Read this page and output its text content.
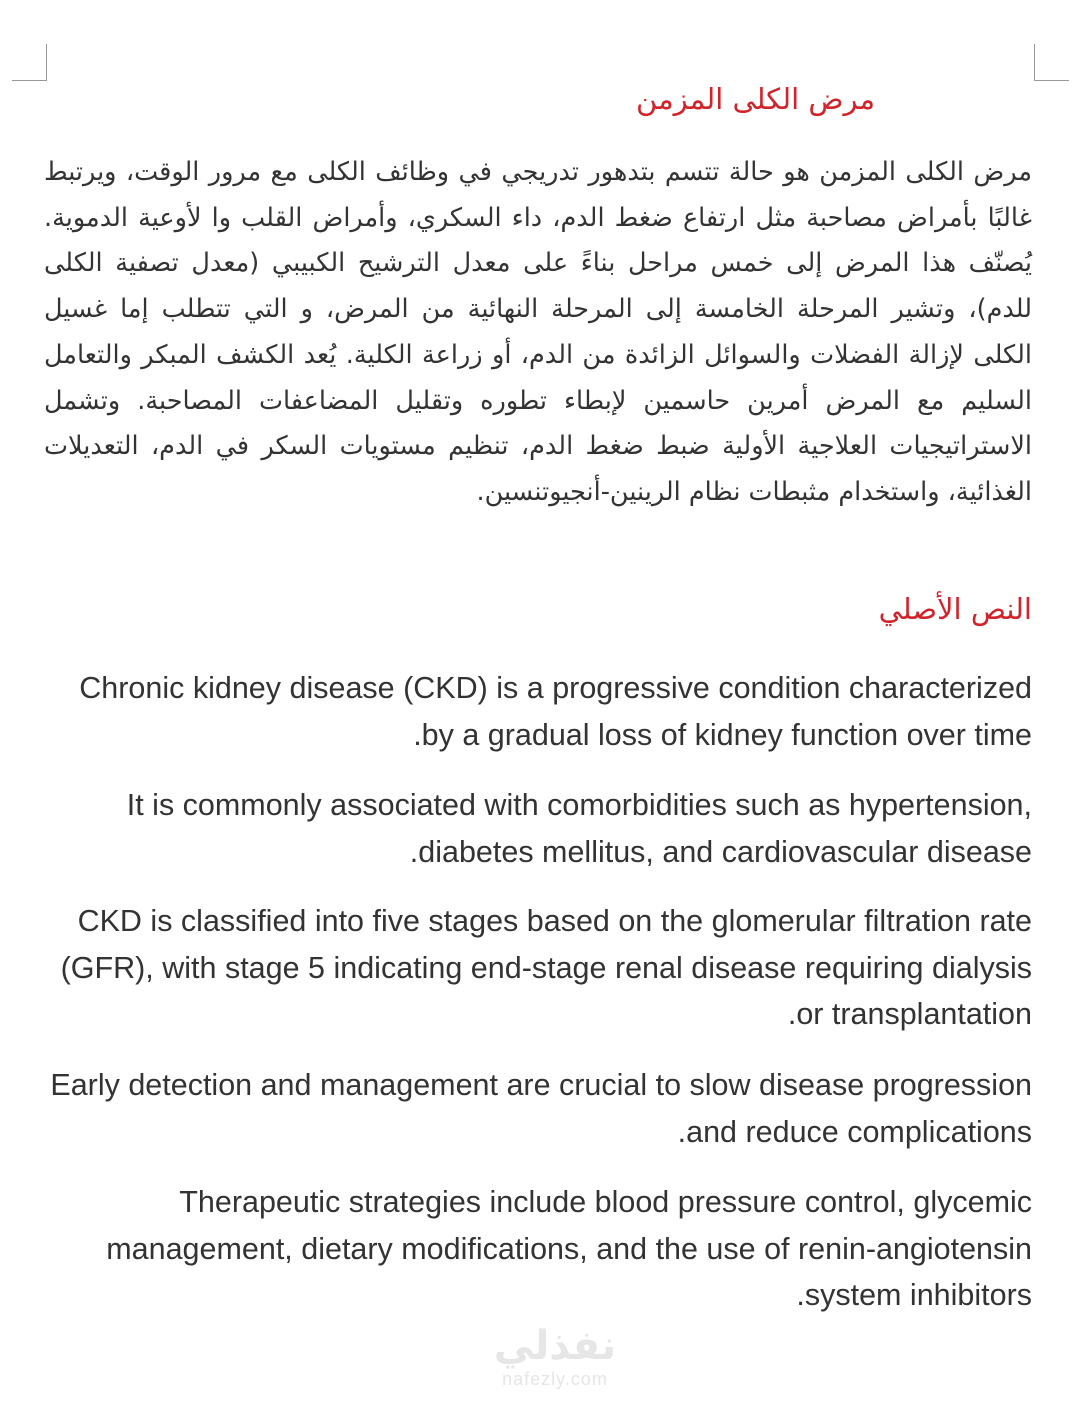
مرض الكلى المزمن

مرض الكلى المزمن هو حالة تتسم بتدهور تدريجي في وظائف الكلى مع مرور الوقت، ويرتبط غالبًا بأمراض مصاحبة مثل ارتفاع ضغط الدم، داء السكري، وأمراض القلب وا لأوعية الدموية. يُصنّف هذا المرض إلى خمس مراحل بناءً على معدل الترشيح الكبيبي (معدل تصفية الكلى للدم)، وتشير المرحلة الخامسة إلى المرحلة النهائية من المرض، و التي تتطلب إما غسيل الكلى لإزالة الفضلات والسوائل الزائدة من الدم، أو زراعة الكلية. يُعد الكشف المبكر والتعامل السليم مع المرض أمرين حاسمين لإبطاء تطوره وتقليل المضاعفات المصاحبة. وتشمل الاستراتيجيات العلاجية الأولية ضبط ضغط الدم، تنظيم مستويات السكر في الدم، التعديلات الغذائية، واستخدام مثبطات نظام الرينين-أنجيوتنسين.

النص الأصلي

Chronic kidney disease (CKD) is a progressive condition characterized by a gradual loss of kidney function over time.

It is commonly associated with comorbidities such as hypertension, diabetes mellitus, and cardiovascular disease.

CKD is classified into five stages based on the glomerular filtration rate (GFR), with stage 5 indicating end-stage renal disease requiring dialysis or transplantation.

Early detection and management are crucial to slow disease progression and reduce complications.

Therapeutic strategies include blood pressure control, glycemic management, dietary modifications, and the use of renin-angiotensin system inhibitors.

نفذلي
nafezly.com
